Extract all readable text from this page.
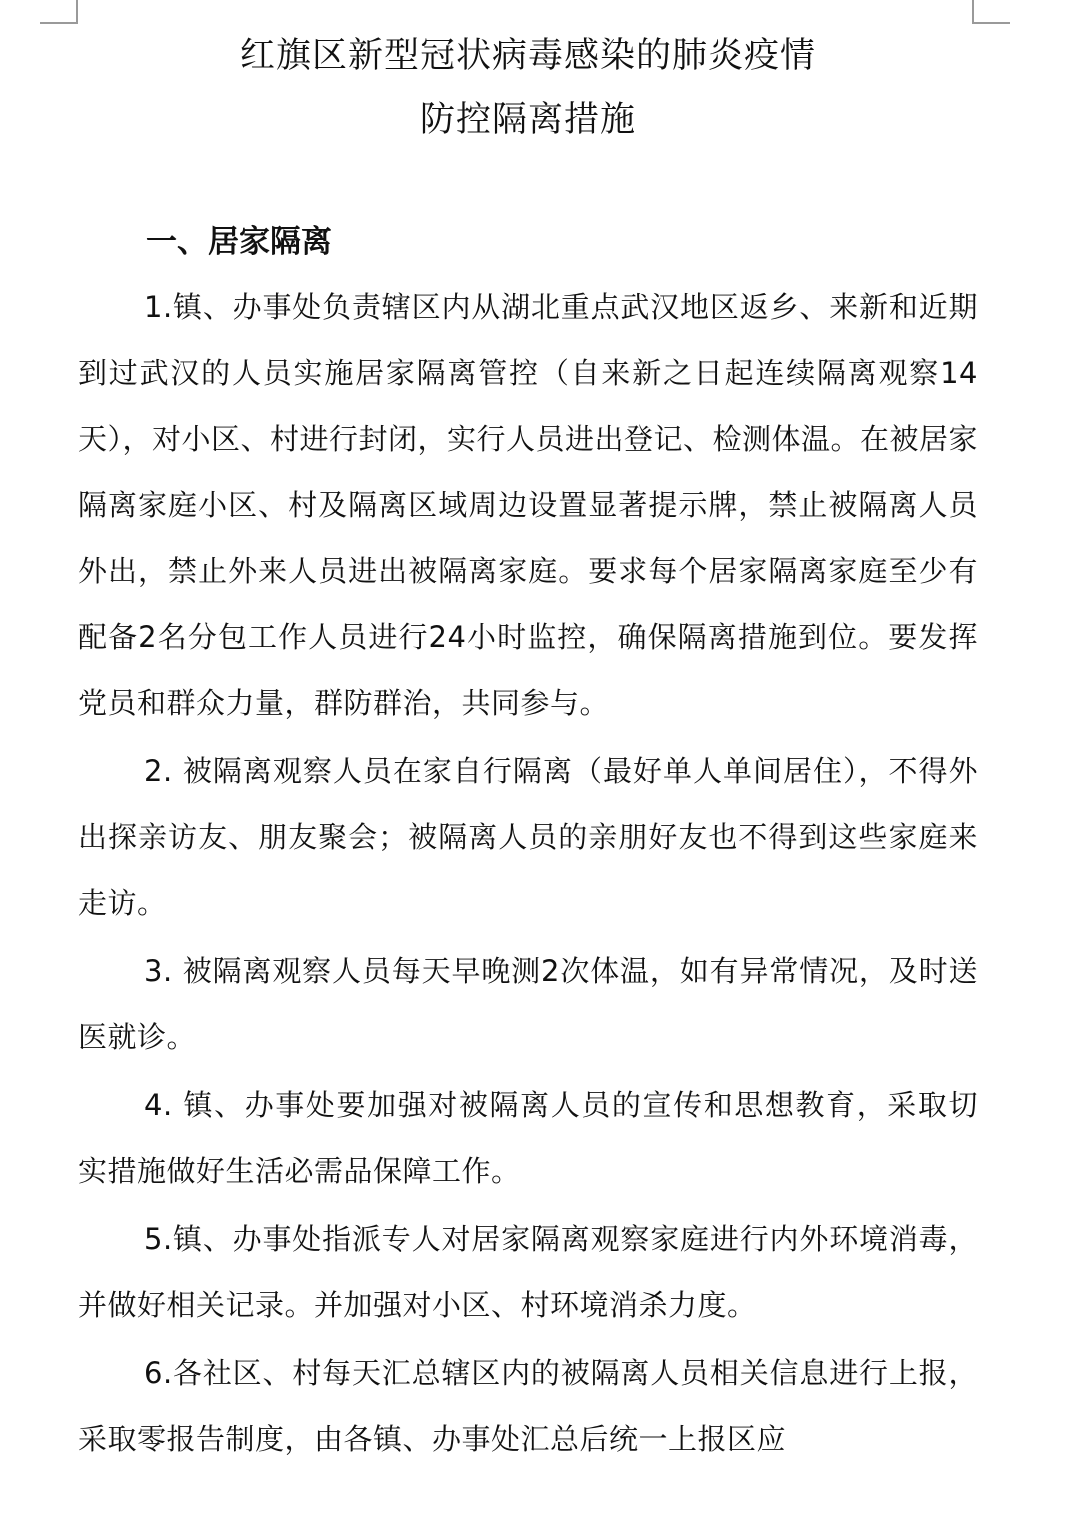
红旗区新型冠状病毒感染的肺炎疫情
防控隔离措施
一、居家隔离

1.镇、办事处负责辖区内从湖北重点武汉地区返乡、来新和近期到过武汉的人员实施居家隔离管控（自来新之日起连续隔离观察14天），对小区、村进行封闭，实行人员进出登记、检测体温。在被居家隔离家庭小区、村及隔离区域周边设置显著提示牌，禁止被隔离人员外出，禁止外来人员进出被隔离家庭。要求每个居家隔离家庭至少有配备2名分包工作人员进行24小时监控，确保隔离措施到位。要发挥党员和群众力量，群防群治，共同参与。

2. 被隔离观察人员在家自行隔离（最好单人单间居住），不得外出探亲访友、朋友聚会；被隔离人员的亲朋好友也不得到这些家庭来走访。

3. 被隔离观察人员每天早晚测2次体温，如有异常情况，及时送医就诊。

4. 镇、办事处要加强对被隔离人员的宣传和思想教育，采取切实措施做好生活必需品保障工作。

5.镇、办事处指派专人对居家隔离观察家庭进行内外环境消毒，并做好相关记录。并加强对小区、村环境消杀力度。

6.各社区、村每天汇总辖区内的被隔离人员相关信息进行上报，采取零报告制度，由各镇、办事处汇总后统一上报区应
